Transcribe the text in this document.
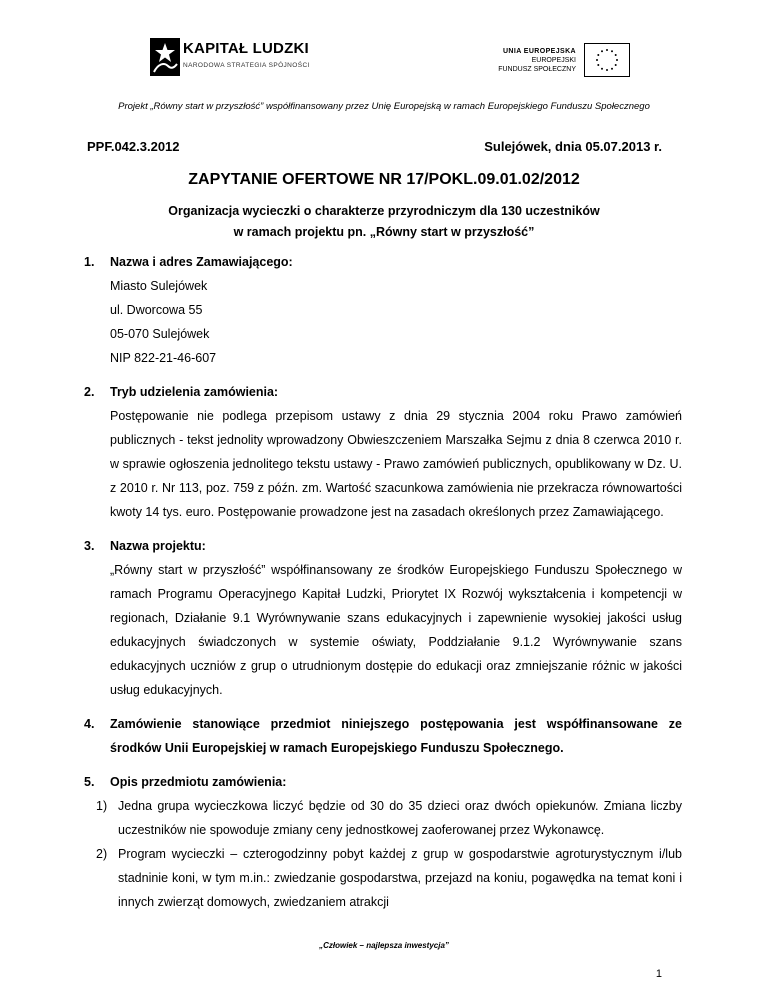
KAPITAŁ LUDZKI
NARODOWA STRATEGIA SPÓJNOŚCI
UNIA EUROPEJSKA
EUROPEJSKI
FUNDUSZ SPOŁECZNY
Projekt „Równy start w przyszłość” współfinansowany przez Unię Europejską w ramach Europejskiego Funduszu Społecznego
PPF.042.3.2012	Sulejówek, dnia 05.07.2013 r.
ZAPYTANIE OFERTOWE NR 17/POKL.09.01.02/2012
Organizacja wycieczki o charakterze przyrodniczym dla 130 uczestników
w ramach projektu pn. „Równy start w przyszłość”
1.	Nazwa i adres Zamawiającego:
Miasto Sulejówek
ul. Dworcowa 55
05-070 Sulejówek
NIP 822-21-46-607
2.	Tryb udzielenia zamówienia:

Postępowanie nie podlega przepisom ustawy z dnia 29 stycznia 2004 roku Prawo zamówień publicznych - tekst jednolity wprowadzony Obwieszczeniem Marszałka Sejmu z dnia 8 czerwca 2010 r. w sprawie ogłoszenia jednolitego tekstu ustawy - Prawo zamówień publicznych, opublikowany w Dz. U. z 2010 r. Nr 113, poz. 759 z późn. zm. Wartość szacunkowa zamówienia nie przekracza równowartości kwoty 14 tys. euro. Postępowanie prowadzone jest na zasadach określonych przez Zamawiającego.

3.	Nazwa projektu:

„Równy start w przyszłość” współfinansowany ze środków Europejskiego Funduszu Społecznego w ramach Programu Operacyjnego Kapitał Ludzki, Priorytet IX Rozwój wykształcenia i kompetencji w regionach, Działanie 9.1 Wyrównywanie szans edukacyjnych i zapewnienie wysokiej jakości usług edukacyjnych świadczonych w systemie oświaty, Poddziałanie 9.1.2 Wyrównywanie szans edukacyjnych uczniów z grup o utrudnionym dostępie do edukacji oraz zmniejszanie różnic w jakości usług edukacyjnych.

4.	Zamówienie stanowiące przedmiot niniejszego postępowania jest współfinansowane ze środków Unii Europejskiej w ramach Europejskiego Funduszu Społecznego.
5.	Opis przedmiotu zamówienia:
1) Jedna grupa wycieczkowa liczyć będzie od 30 do 35 dzieci oraz dwóch opiekunów. Zmiana liczby uczestników nie spowoduje zmiany ceny jednostkowej zaoferowanej przez Wykonawcę.
2) Program wycieczki – czterogodzinny pobyt każdej z grup w gospodarstwie agroturystycznym i/lub stadninie koni, w tym m.in.: zwiedzanie gospodarstwa, przejazd na koniu, pogawędka na temat koni i innych zwierząt domowych, zwiedzaniem atrakcji
„Człowiek – najlepsza inwestycja”
1
